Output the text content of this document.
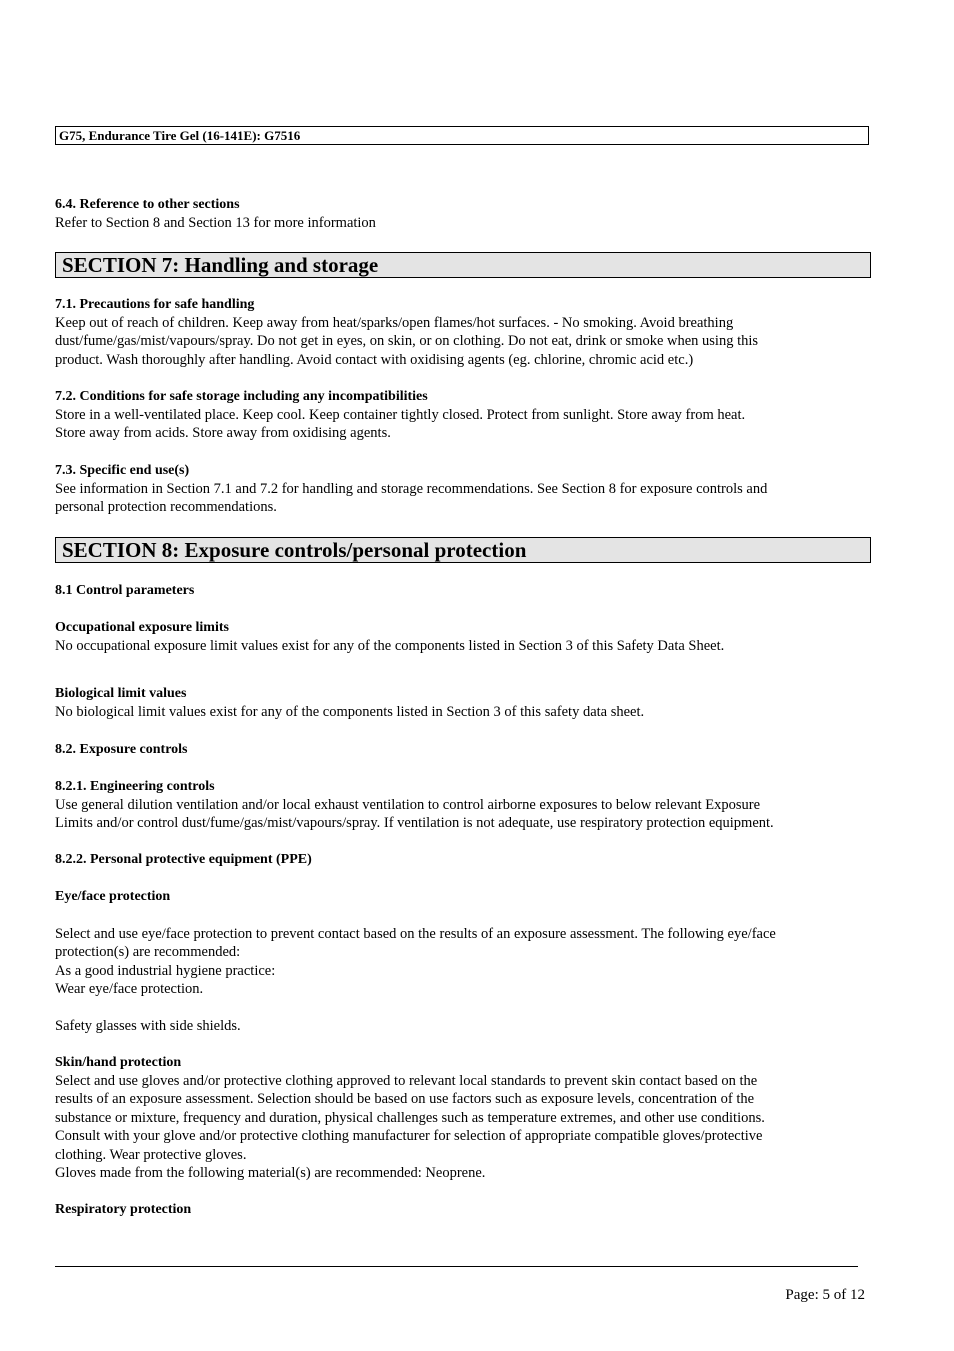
G75, Endurance Tire Gel (16-141E): G7516

6.4. Reference to other sections

Refer to Section 8 and Section 13 for more information

SECTION 7: Handling and storage

7.1. Precautions for safe handling

Keep out of reach of children. Keep away from heat/sparks/open flames/hot surfaces. - No smoking. Avoid breathing

dust/fume/gas/mist/vapours/spray. Do not get in eyes, on skin, or on clothing. Do not eat, drink or smoke when using this

product. Wash thoroughly after handling. Avoid contact with oxidising agents (eg. chlorine, chromic acid etc.)

7.2. Conditions for safe storage including any incompatibilities

Store in a well-ventilated place. Keep cool. Keep container tightly closed. Protect from sunlight. Store away from heat.

Store away from acids. Store away from oxidising agents.

7.3. Specific end use(s)

See information in Section 7.1 and 7.2 for handling and storage recommendations. See Section 8 for exposure controls and

personal protection recommendations.

SECTION 8: Exposure controls/personal protection

8.1 Control parameters

Occupational exposure limits

No occupational exposure limit values exist for any of the components listed in Section 3 of this Safety Data Sheet.

Biological limit values

No biological limit values exist for any of the components listed in Section 3 of this safety data sheet.

8.2. Exposure controls

8.2.1. Engineering controls

Use general dilution ventilation and/or local exhaust ventilation to control airborne exposures to below relevant Exposure

Limits and/or control dust/fume/gas/mist/vapours/spray. If ventilation is not adequate, use respiratory protection equipment.

8.2.2. Personal protective equipment (PPE)

Eye/face protection

Select and use eye/face protection to prevent contact based on the results of an exposure assessment. The following eye/face

protection(s) are recommended:

As a good industrial hygiene practice:

Wear eye/face protection.

Safety glasses with side shields.

Skin/hand protection

Select and use gloves and/or protective clothing approved to relevant local standards to prevent skin contact based on the

results of an exposure assessment. Selection should be based on use factors such as exposure levels, concentration of the

substance or mixture, frequency and duration, physical challenges such as temperature extremes, and other use conditions.

Consult with your glove and/or protective clothing manufacturer for selection of appropriate compatible gloves/protective

clothing. Wear protective gloves.

Gloves made from the following material(s) are recommended: Neoprene.

Respiratory protection

Page: 5 of 12
